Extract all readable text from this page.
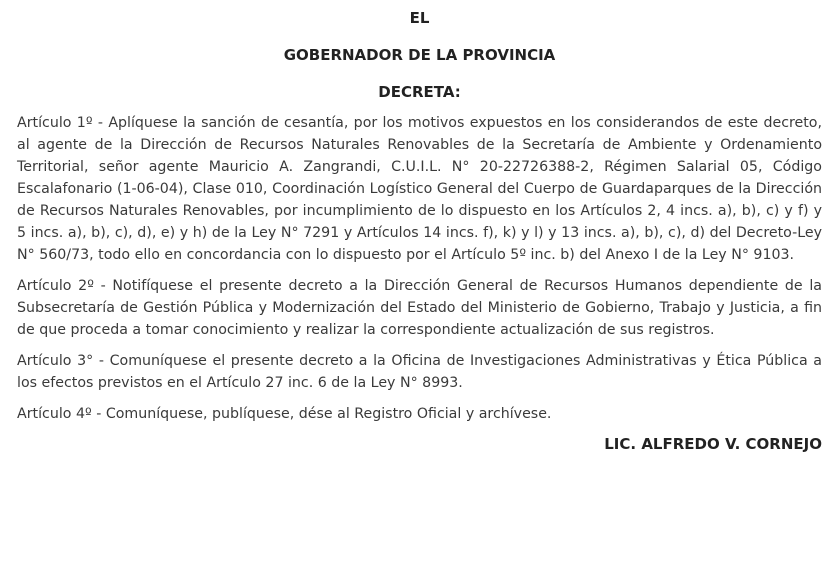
EL

GOBERNADOR DE LA PROVINCIA

DECRETA:

Artículo 1º - Aplíquese la sanción de cesantía, por los motivos expuestos en los considerandos de este decreto, al agente de la Dirección de Recursos Naturales Renovables de la Secretaría de Ambiente y Ordenamiento Territorial, señor agente Mauricio A. Zangrandi, C.U.I.L. N° 20-22726388-2, Régimen Salarial 05, Código Escalafonario (1-06-04), Clase 010, Coordinación Logístico General del Cuerpo de Guardaparques de la Dirección de Recursos Naturales Renovables, por incumplimiento de lo dispuesto en los Artículos 2, 4 incs. a), b), c) y f) y 5 incs. a), b), c), d), e) y h) de la Ley N° 7291 y Artículos 14 incs. f), k) y l) y 13 incs. a), b), c), d) del Decreto-Ley N° 560/73, todo ello en concordancia con lo dispuesto por el Artículo 5º inc. b) del Anexo I de la Ley N° 9103.

Artículo 2º - Notifíquese el presente decreto a la Dirección General de Recursos Humanos dependiente de la Subsecretaría de Gestión Pública y Modernización del Estado del Ministerio de Gobierno, Trabajo y Justicia, a fin de que proceda a tomar conocimiento y realizar la correspondiente actualización de sus registros.

Artículo 3° - Comuníquese el presente decreto a la Oficina de Investigaciones Administrativas y Ética Pública a los efectos previstos en el Artículo 27 inc. 6 de la Ley N° 8993.

Artículo 4º - Comuníquese, publíquese, dése al Registro Oficial y archívese.

LIC. ALFREDO V. CORNEJO
